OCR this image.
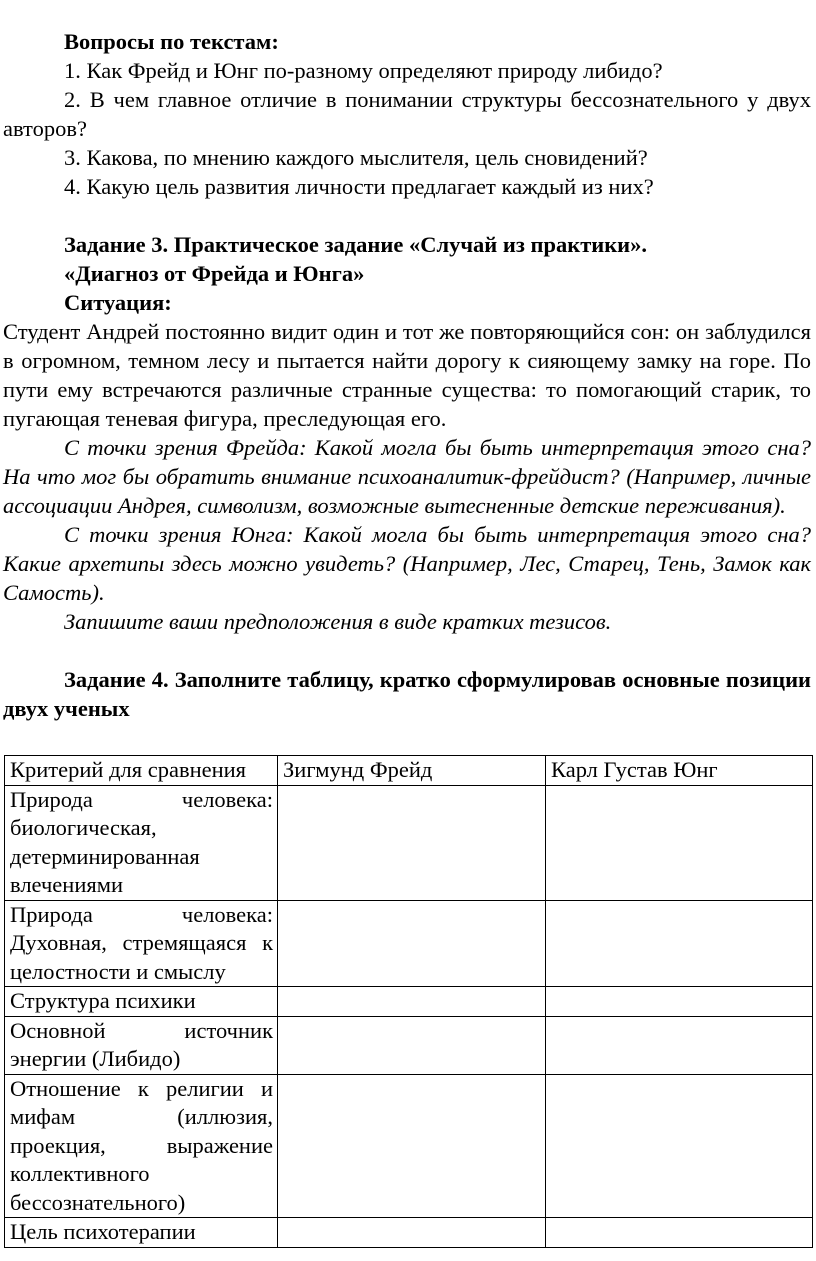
Вопросы по текстам:

1. Как Фрейд и Юнг по-разному определяют природу либидо?

2. В чем главное отличие в понимании структуры бессознательного у двух авторов?

3. Какова, по мнению каждого мыслителя, цель сновидений?

4. Какую цель развития личности предлагает каждый из них?

Задание 3. Практическое задание «Случай из практики».

«Диагноз от Фрейда и Юнга»

Ситуация:

Студент Андрей постоянно видит один и тот же повторяющийся сон: он заблудился в огромном, темном лесу и пытается найти дорогу к сияющему замку на горе. По пути ему встречаются различные странные существа: то помогающий старик, то пугающая теневая фигура, преследующая его.

С точки зрения Фрейда: Какой могла бы быть интерпретация этого сна? На что мог бы обратить внимание психоаналитик-фрейдист? (Например, личные ассоциации Андрея, символизм, возможные вытесненные детские переживания).

С точки зрения Юнга: Какой могла бы быть интерпретация этого сна? Какие архетипы здесь можно увидеть? (Например, Лес, Старец, Тень, Замок как Самость).

Запишите ваши предположения в виде кратких тезисов.

Задание 4. Заполните таблицу, кратко сформулировав основные позиции двух ученых

Критерий для сравнения	Зигмунд Фрейд	Карл Густав Юнг
Природа человека: биологическая, детерминированная влечениями		
Природа человека: Духовная, стремящаяся к целостности и смыслу		
Структура психики		
Основной источник энергии (Либидо)		
Отношение к религии и мифам (иллюзия, проекция, выражение коллективного бессознательного)		
Цель психотерапии		
